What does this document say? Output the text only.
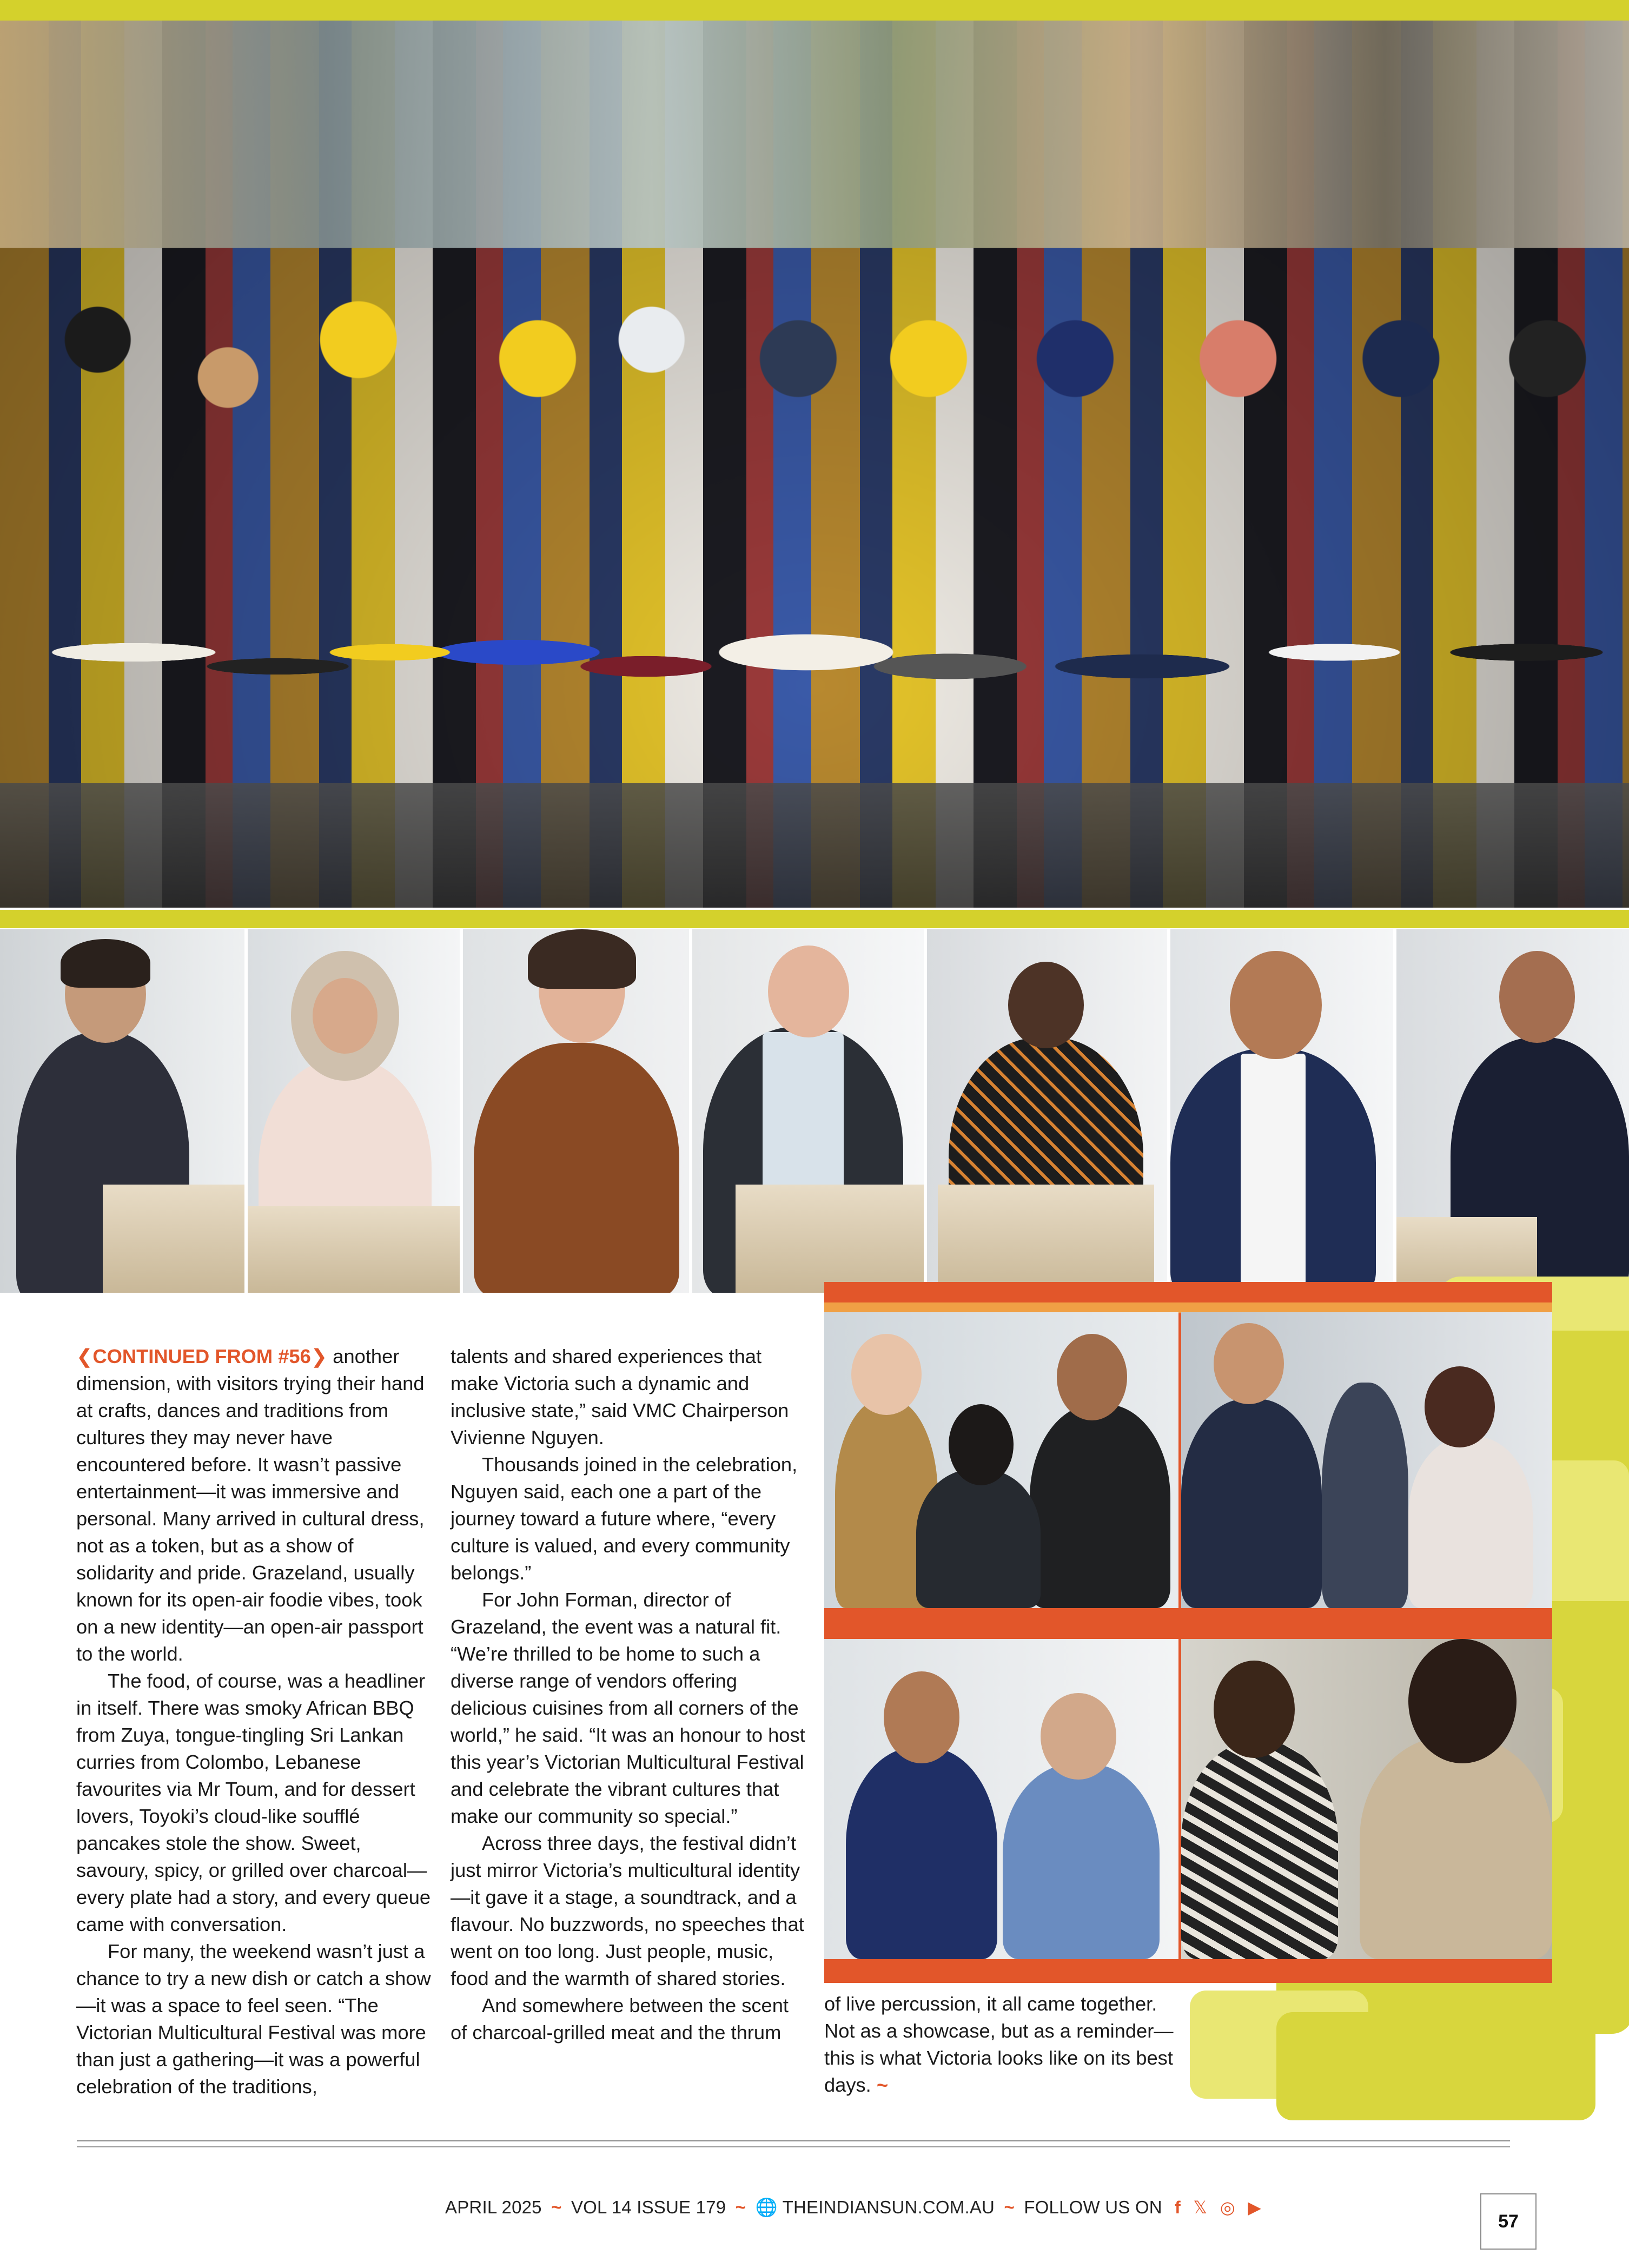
❮CONTINUED FROM #56❯ another dimension, with visitors trying their hand at crafts, dances and traditions from cultures they may never have encountered before. It wasn’t passive entertainment—it was immersive and personal. Many arrived in cultural dress, not as a token, but as a show of solidarity and pride. Grazeland, usually known for its open-air foodie vibes, took on a new identity—an open-air passport to the world.

The food, of course, was a headliner in itself. There was smoky African BBQ from Zuya, tongue-tingling Sri Lankan curries from Colombo, Lebanese favourites via Mr Toum, and for dessert lovers, Toyoki’s cloud-like soufflé pancakes stole the show. Sweet, savoury, spicy, or grilled over charcoal—every plate had a story, and every queue came with conversation.

For many, the weekend wasn’t just a chance to try a new dish or catch a show—it was a space to feel seen. “The Victorian Multicultural Festival was more than just a gathering—it was a powerful celebration of the traditions,

talents and shared experiences that make Victoria such a dynamic and inclusive state,” said VMC Chairperson Vivienne Nguyen.

Thousands joined in the celebration, Nguyen said, each one a part of the journey toward a future where, “every culture is valued, and every community belongs.”

For John Forman, director of Grazeland, the event was a natural fit. “We’re thrilled to be home to such a diverse range of vendors offering delicious cuisines from all corners of the world,” he said. “It was an honour to host this year’s Victorian Multicultural Festival and celebrate the vibrant cultures that make our community so special.”

Across three days, the festival didn’t just mirror Victoria’s multicultural identity—it gave it a stage, a soundtrack, and a flavour. No buzzwords, no speeches that went on too long. Just people, music, food and the warmth of shared stories.

And somewhere between the scent of charcoal-grilled meat and the thrum

of live percussion, it all came together. Not as a showcase, but as a reminder—this is what Victoria looks like on its best days. ~
APRIL 2025 ~ VOL 14 ISSUE 179 ~ 🌐 THEINDIANSUN.COM.AU ~ FOLLOW US ON f 𝕏 ◎ ▶
57
